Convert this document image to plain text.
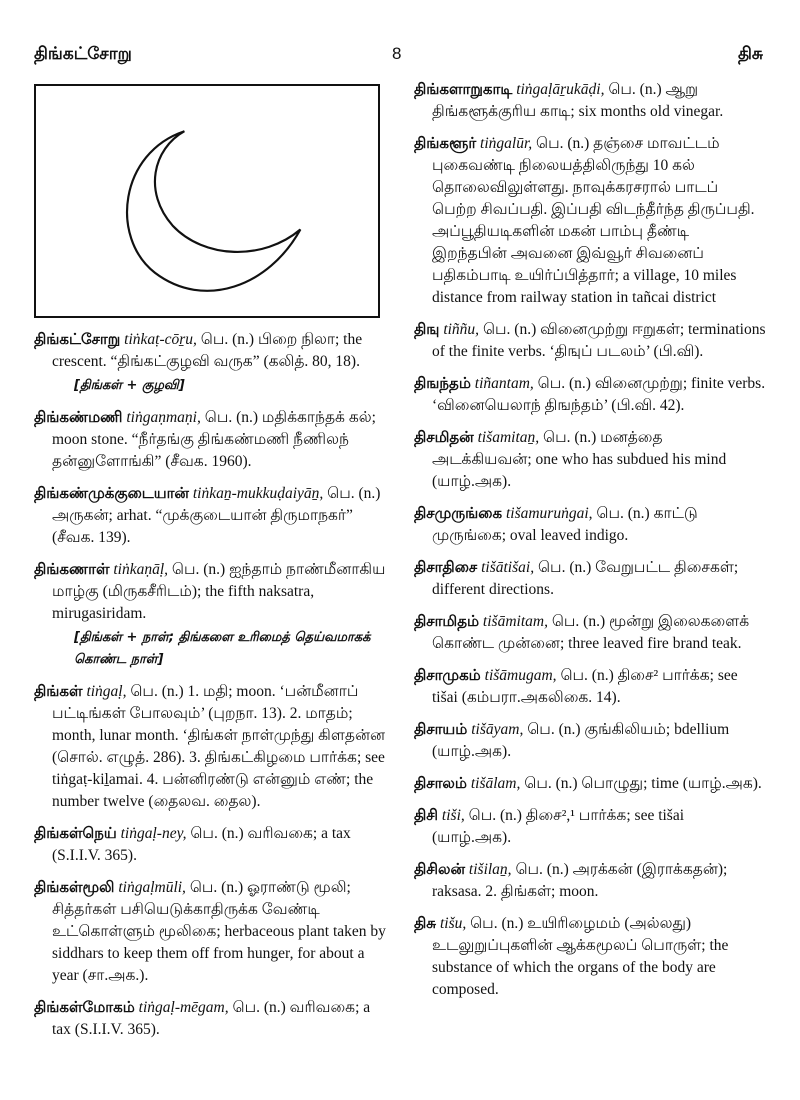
திங்கட்சோறு	8	திசு
திங்கட்சோறு tiṅkaṭ-cōṟu, பெ. (n.) பிறை நிலா; the crescent. “திங்கட்குழவி வருக” (கலித். 80, 18).
[திங்கள் + குழவி]
திங்கண்மணி tiṅgaṇmaṇi, பெ. (n.) மதிக்காந்தக் கல்; moon stone. “நீர்தங்கு திங்கண்மணி நீணிலந் தன்னுளோங்கி” (சீவக. 1960).
திங்கண்முக்குடையான் tiṅkaṉ-mukkuḍaiyāṉ, பெ. (n.) அருகன்; arhat. “முக்குடையான் திருமாநகர்” (சீவக. 139).
திங்கணாள் tiṅkaṇāḷ, பெ. (n.) ஐந்தாம் நாண்மீனாகிய மாழ்கு (மிருகசீரிடம்); the fifth naksatra, mirugasiridam.
[திங்கள் + நாள்; திங்களை உரிமைத் தெய்வமாகக் கொண்ட நாள்]
திங்கள் tiṅgaḷ, பெ. (n.) 1. மதி; moon. ‘பன்மீனாப் பட்டிங்கள் போலவும்’ (புறநா. 13). 2. மாதம்; month, lunar month. ‘திங்கள் நாள்முந்து கிளதன்ன (சொல். எழுத். 286). 3. திங்கட்கிழமை பார்க்க; see tiṅgaṭ-kiḻamai. 4. பன்னிரண்டு என்னும் எண்; the number twelve (தைலவ. தைல).
திங்கள்நெய் tiṅgaḷ-ney, பெ. (n.) வரிவகை; a tax (S.I.I.V. 365).
திங்கள்மூலி tiṅgaḷmūli, பெ. (n.) ஓராண்டு மூலி; சித்தர்கள் பசியெடுக்காதிருக்க வேண்டி உட்கொள்ளும் மூலிகை; herbaceous plant taken by siddhars to keep them off from hunger, for about a year (சா.அக.).
திங்கள்மோகம் tiṅgaḷ-mēgam, பெ. (n.) வரிவகை; a tax (S.I.I.V. 365).
திங்களாறுகாடி tiṅgaḷāṟukāḍi, பெ. (n.) ஆறு திங்களூக்குரிய காடி; six months old vinegar.
திங்களூர் tiṅgalūr, பெ. (n.) தஞ்சை மாவட்டம் புகைவண்டி நிலையத்திலிருந்து 10 கல் தொலைவிலுள்ளது. நாவுக்கரசரால் பாடப் பெற்ற சிவப்பதி. இப்பதி விடந்தீர்ந்த திருப்பதி. அப்பூதியடிகளின் மகன் பாம்பு தீண்டி இறந்தபின் அவனை இவ்வூர் சிவனைப் பதிகம்பாடி உயிர்ப்பித்தார்; a village, 10 miles distance from railway station in tañcai district
திஙு tiññu, பெ. (n.) வினைமுற்று ஈறுகள்; terminations of the finite verbs. ‘திஙுப் படலம்’ (பி.வி).
திஙந்தம் tiñantam, பெ. (n.) வினைமுற்று; finite verbs. ‘வினையெலாந் திஙந்தம்’ (பி.வி. 42).
திசமிதன் tišamitaṉ, பெ. (n.) மனத்தை அடக்கியவன்; one who has subdued his mind (யாழ்.அக).
திசமுருங்கை tišamuruṅgai, பெ. (n.) காட்டு முருங்கை; oval leaved indigo.
திசாதிசை tišātišai, பெ. (n.) வேறுபட்ட திசைகள்; different directions.
திசாமிதம் tišāmitam, பெ. (n.) மூன்று இலைகளைக் கொண்ட முன்னை; three leaved fire brand teak.
திசாமுகம் tišāmugam, பெ. (n.) திசை² பார்க்க; see tišai (கம்பரா.அகலிகை. 14).
திசாயம் tišāyam, பெ. (n.) குங்கிலியம்; bdellium (யாழ்.அக).
திசாலம் tišālam, பெ. (n.) பொழுது; time (யாழ்.அக).
திசி tiši, பெ. (n.) திசை²,¹ பார்க்க; see tišai (யாழ்.அக).
திசிலன் tišilaṉ, பெ. (n.) அரக்கன் (இராக்கதன்); raksasa. 2. திங்கள்; moon.
திசு tišu, பெ. (n.) உயிரிழைமம் (அல்லது) உடலுறுப்புகளின் ஆக்கமூலப் பொருள்; the substance of which the organs of the body are composed.
